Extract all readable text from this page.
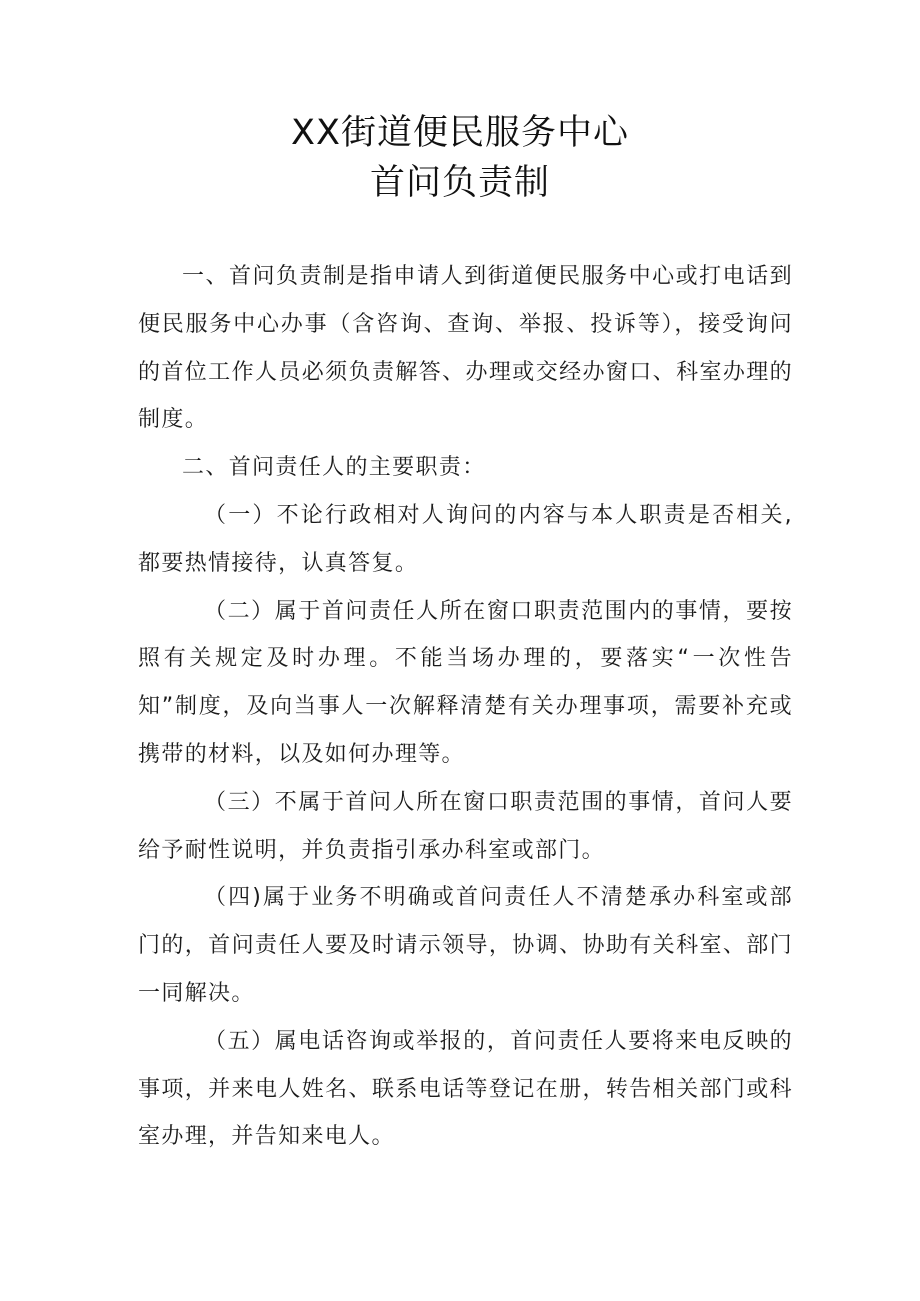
XX街道便民服务中心
首问负责制

一、首问负责制是指申请人到街道便民服务中心或打电话到便民服务中心办事（含咨询、查询、举报、投诉等），接受询问的首位工作人员必须负责解答、办理或交经办窗口、科室办理的制度。

二、首问责任人的主要职责：

（一）不论行政相对人询问的内容与本人职责是否相关,都要热情接待，认真答复。

（二）属于首问责任人所在窗口职责范围内的事情，要按照有关规定及时办理。不能当场办理的，要落实“一次性告知”制度，及向当事人一次解释清楚有关办理事项，需要补充或携带的材料，以及如何办理等。

（三）不属于首问人所在窗口职责范围的事情，首问人要给予耐性说明，并负责指引承办科室或部门。

（四)属于业务不明确或首问责任人不清楚承办科室或部门的，首问责任人要及时请示领导，协调、协助有关科室、部门一同解决。

（五）属电话咨询或举报的，首问责任人要将来电反映的事项，并来电人姓名、联系电话等登记在册，转告相关部门或科室办理，并告知来电人。
